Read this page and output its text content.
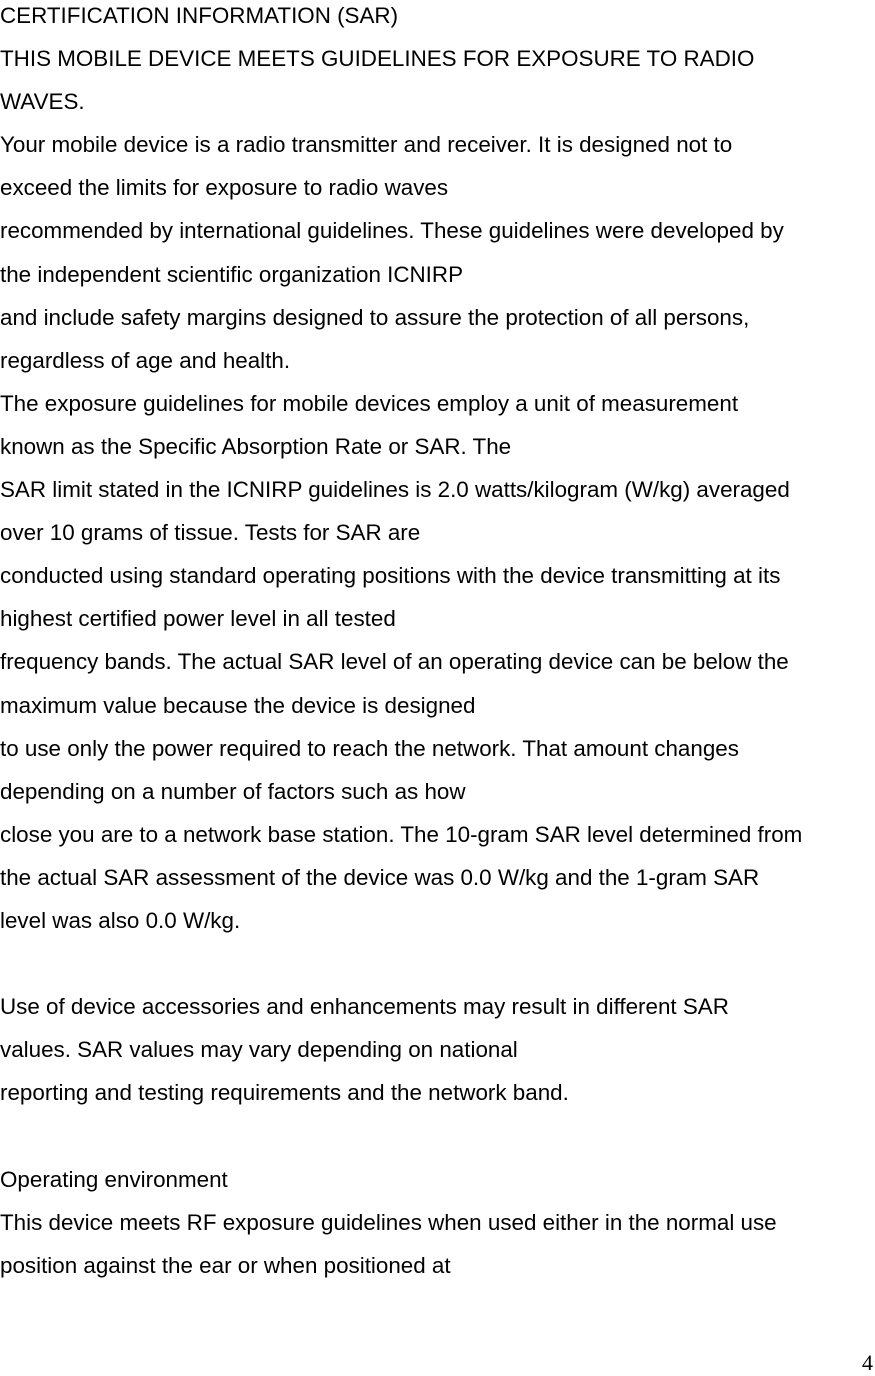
CERTIFICATION INFORMATION (SAR)
THIS MOBILE DEVICE MEETS GUIDELINES FOR EXPOSURE TO RADIO
WAVES.
Your mobile device is a radio transmitter and receiver. It is designed not to
exceed the limits for exposure to radio waves
recommended by international guidelines. These guidelines were developed by
the independent scientific organization ICNIRP
and include safety margins designed to assure the protection of all persons,
regardless of age and health.
The exposure guidelines for mobile devices employ a unit of measurement
known as the Specific Absorption Rate or SAR. The
SAR limit stated in the ICNIRP guidelines is 2.0 watts/kilogram (W/kg) averaged
over 10 grams of tissue. Tests for SAR are
conducted using standard operating positions with the device transmitting at its
highest certified power level in all tested
frequency bands. The actual SAR level of an operating device can be below the
maximum value because the device is designed
to use only the power required to reach the network. That amount changes
depending on a number of factors such as how
close you are to a network base station. The 10-gram SAR level determined from
the actual SAR assessment of the device was 0.0 W/kg and the 1-gram SAR
level was also 0.0 W/kg.
Use of device accessories and enhancements may result in different SAR
values. SAR values may vary depending on national
reporting and testing requirements and the network band.
Operating environment
This device meets RF exposure guidelines when used either in the normal use
position against the ear or when positioned at
4
